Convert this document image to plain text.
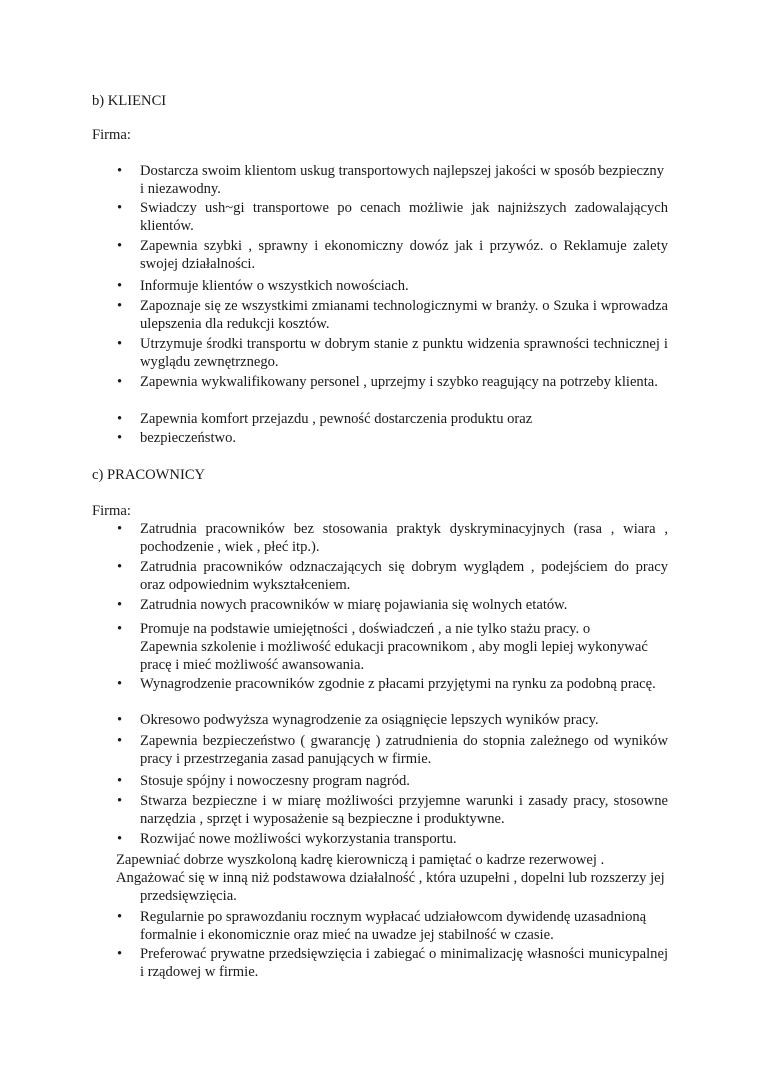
b) KLIENCI
Firma:
• Dostarcza swoim klientom uskug transportowych najlepszej jakości w sposób bezpieczny i niezawodny.
• Swiadczy ush~gi transportowe po cenach możliwie jak najniższych zadowalających klientów.
• Zapewnia szybki , sprawny i ekonomiczny dowóz jak i przywóz. o Reklamuje zalety swojej działalności.
• Informuje klientów o wszystkich nowościach.
• Zapoznaje się ze wszystkimi zmianami technologicznymi w branży. o Szuka i wprowadza ulepszenia dla redukcji kosztów.
• Utrzymuje środki transportu w dobrym stanie z punktu widzenia sprawności technicznej i wyglądu zewnętrznego.
• Zapewnia wykwalifikowany personel , uprzejmy i szybko reagujący na potrzeby klienta.
• Zapewnia komfort przejazdu , pewność dostarczenia produktu oraz
• bezpieczeństwo.
c) PRACOWNICY
Firma:
• Zatrudnia pracowników bez stosowania praktyk dyskryminacyjnych (rasa , wiara , pochodzenie , wiek , płeć itp.).
• Zatrudnia pracowników odznaczających się dobrym wyglądem , podejściem do pracy oraz odpowiednim wykształceniem.
• Zatrudnia nowych pracowników w miarę pojawiania się wolnych etatów.
• Promuje na podstawie umiejętności , doświadczeń , a nie tylko stażu pracy. o
Zapewnia szkolenie i możliwość edukacji pracownikom , aby mogli lepiej wykonywać pracę i mieć możliwość awansowania.
• Wynagrodzenie pracowników zgodnie z płacami przyjętymi na rynku za podobną pracę.
• Okresowo podwyższa wynagrodzenie za osiągnięcie lepszych wyników pracy.
• Zapewnia bezpieczeństwo ( gwarancję ) zatrudnienia do stopnia zależnego od wyników pracy i przestrzegania zasad panujących w firmie.
• Stosuje spójny i nowoczesny program nagród.
• Stwarza bezpieczne i w miarę możliwości przyjemne warunki i zasady pracy, stosowne narzędzia , sprzęt i wyposażenie są bezpieczne i produktywne.
• Rozwijać nowe możliwości wykorzystania transportu.
Zapewniać dobrze wyszkoloną kadrę kierowniczą i pamiętać o kadrze rezerwowej .
Angażować się w inną niż podstawowa działalność , która uzupełni , dopelni lub rozszerzy jej przedsięwzięcia.
• Regularnie po sprawozdaniu rocznym wypłacać udziałowcom dywidendę uzasadnioną formalnie i ekonomicznie oraz mieć na uwadze jej stabilność w czasie.
• Preferować prywatne przedsięwzięcia i zabiegać o minimalizację własności municypalnej i rządowej w firmie.
